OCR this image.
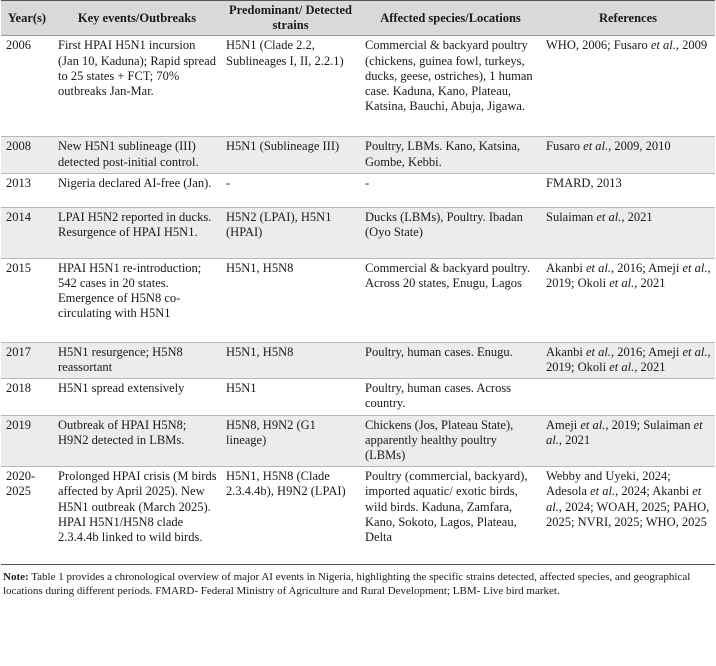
Year(s)	Key events/Outbreaks	Predominant/ Detected strains	Affected species/Locations	References
2006	First HPAI H5N1 incursion (Jan 10, Kaduna); Rapid spread to 25 states + FCT; 70% outbreaks Jan-Mar.	H5N1 (Clade 2.2, Sublineages I, II, 2.2.1)	Commercial & backyard poultry (chickens, guinea fowl, turkeys, ducks, geese, ostriches), 1 human case. Kaduna, Kano, Plateau, Katsina, Bauchi, Abuja, Jigawa.	WHO, 2006; Fusaro et al., 2009
2008	New H5N1 sublineage (III) detected post-initial control.	H5N1 (Sublineage III)	Poultry, LBMs. Kano, Katsina, Gombe, Kebbi.	Fusaro et al., 2009, 2010
2013	Nigeria declared AI-free (Jan).	-	-	FMARD, 2013
2014	LPAI H5N2 reported in ducks. Resurgence of HPAI H5N1.	H5N2 (LPAI), H5N1 (HPAI)	Ducks (LBMs), Poultry. Ibadan (Oyo State)	Sulaiman et al., 2021
2015	HPAI H5N1 re-introduction; 542 cases in 20 states. Emergence of H5N8 co-circulating with H5N1	H5N1, H5N8	Commercial & backyard poultry. Across 20 states, Enugu, Lagos	Akanbi et al., 2016; Ameji et al., 2019; Okoli et al., 2021
2017	H5N1 resurgence; H5N8 reassortant	H5N1, H5N8	Poultry, human cases. Enugu.	Akanbi et al., 2016; Ameji et al., 2019; Okoli et al., 2021
2018	H5N1 spread extensively	H5N1	Poultry, human cases. Across country.	
2019	Outbreak of HPAI H5N8; H9N2 detected in LBMs.	H5N8, H9N2 (G1 lineage)	Chickens (Jos, Plateau State), apparently healthy poultry (LBMs)	Ameji et al., 2019; Sulaiman et al., 2021
2020-2025	Prolonged HPAI crisis (M birds affected by April 2025). New H5N1 outbreak (March 2025). HPAI H5N1/H5N8 clade 2.3.4.4b linked to wild birds.	H5N1, H5N8 (Clade 2.3.4.4b), H9N2 (LPAI)	Poultry (commercial, backyard), imported aquatic/ exotic birds, wild birds. Kaduna, Zamfara, Kano, Sokoto, Lagos, Plateau, Delta	Webby and Uyeki, 2024; Adesola et al., 2024; Akanbi et al., 2024; WOAH, 2025; PAHO, 2025; NVRI, 2025; WHO, 2025
Note: Table 1 provides a chronological overview of major AI events in Nigeria, highlighting the specific strains detected, affected species, and geographical locations during different periods. FMARD- Federal Ministry of Agriculture and Rural Development; LBM- Live bird market.
